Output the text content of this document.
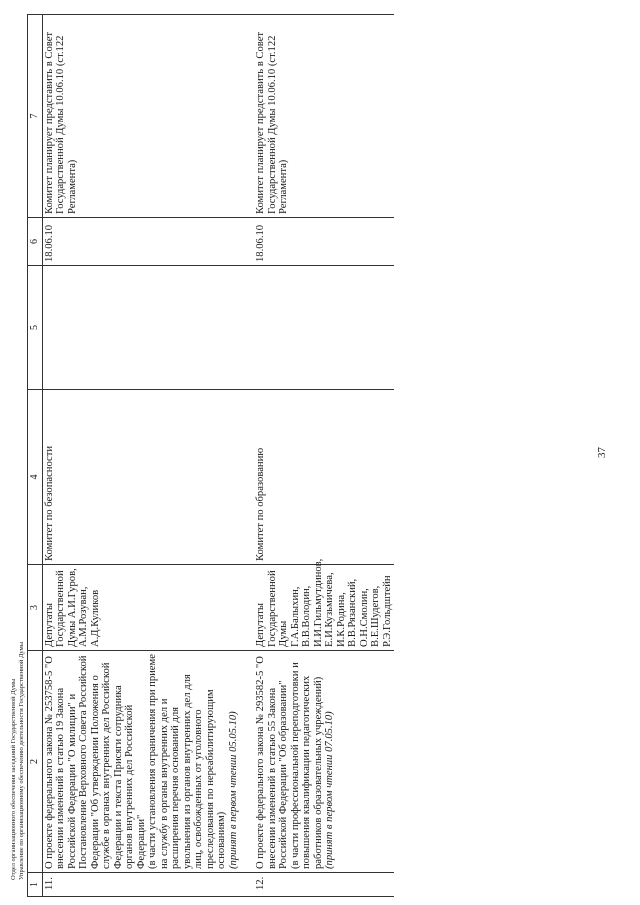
37
Отдел организационного обеспечения заседаний Государственной Думы Управление по организационному обеспечению деятельности Государственной Думы
1	2	3	4	5	6	7
11.	О проекте федерального закона № 253758-5 "О внесении изменений в статью 19 Закона Российской Федерации "О милиции" и Постановление Верховного Совета Российской Федерации "Об утверждении Положения о службе в органах внутренних дел Российской Федерации и текста Присяги сотрудника органов внутренних дел Российской Федерации" (в части установления ограничения при приеме на службу в органы внутренних дел и расширения перечня оснований для увольнения из органов внутренних дел для лиц, освобожденных от уголовного преследования по нереабилитирующим основаниям) (принят в первом чтении 05.05.10)	Депутаты Государственной Думы А.И.Гуров, А.М.Розуван, А.Д.Куликов	Комитет по безопасности		18.06.10	Комитет планирует представить в Совет Государственной Думы 10.06.10 (ст.122 Регламента)

12.	О проекте федерального закона № 293582-5 "О внесении изменений в статью 55 Закона Российской Федерации "Об образовании" (в части профессиональной переподготовки и повышения квалификации педагогических работников образовательных учреждений) (принят в первом чтении 07.05.10)	Депутаты Государственной Думы Г.А.Балыхин, В.В.Володин, И.И.Гильмутдинов, Е.И.Кузьмичева, И.К.Родина, В.В.Рязанский, О.Н.Смолин, В.Е.Шудегов, Р.Э.Гольдштейн	Комитет по образованию		18.06.10	Комитет планирует представить в Совет Государственной Думы 10.06.10 (ст.122 Регламента)
